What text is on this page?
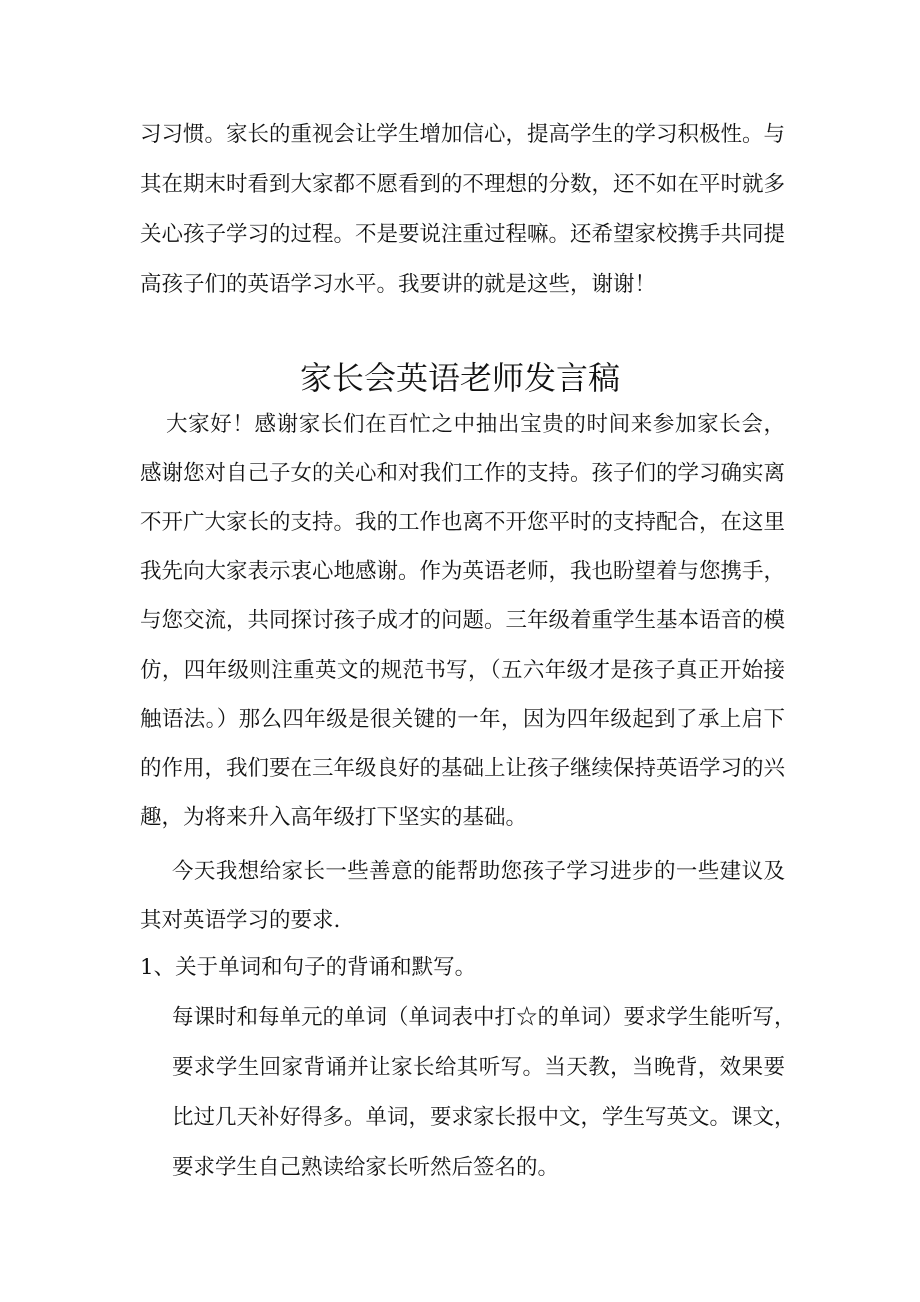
习习惯。家长的重视会让学生增加信心，提高学生的学习积极性。与
其在期末时看到大家都不愿看到的不理想的分数，还不如在平时就多
关心孩子学习的过程。不是要说注重过程嘛。还希望家校携手共同提
高孩子们的英语学习水平。我要讲的就是这些，谢谢！
家长会英语老师发言稿
大家好！感谢家长们在百忙之中抽出宝贵的时间来参加家长会，
感谢您对自己子女的关心和对我们工作的支持。孩子们的学习确实离
不开广大家长的支持。我的工作也离不开您平时的支持配合，在这里
我先向大家表示衷心地感谢。作为英语老师，我也盼望着与您携手，
与您交流，共同探讨孩子成才的问题。三年级着重学生基本语音的模
仿，四年级则注重英文的规范书写，（五六年级才是孩子真正开始接
触语法。）那么四年级是很关键的一年，因为四年级起到了承上启下
的作用，我们要在三年级良好的基础上让孩子继续保持英语学习的兴
趣，为将来升入高年级打下坚实的基础。
今天我想给家长一些善意的能帮助您孩子学习进步的一些建议及
其对英语学习的要求.
1、关于单词和句子的背诵和默写。
每课时和每单元的单词（单词表中打☆的单词）要求学生能听写，
要求学生回家背诵并让家长给其听写。当天教，当晚背，效果要
比过几天补好得多。单词，要求家长报中文，学生写英文。课文，
要求学生自己熟读给家长听然后签名的。
